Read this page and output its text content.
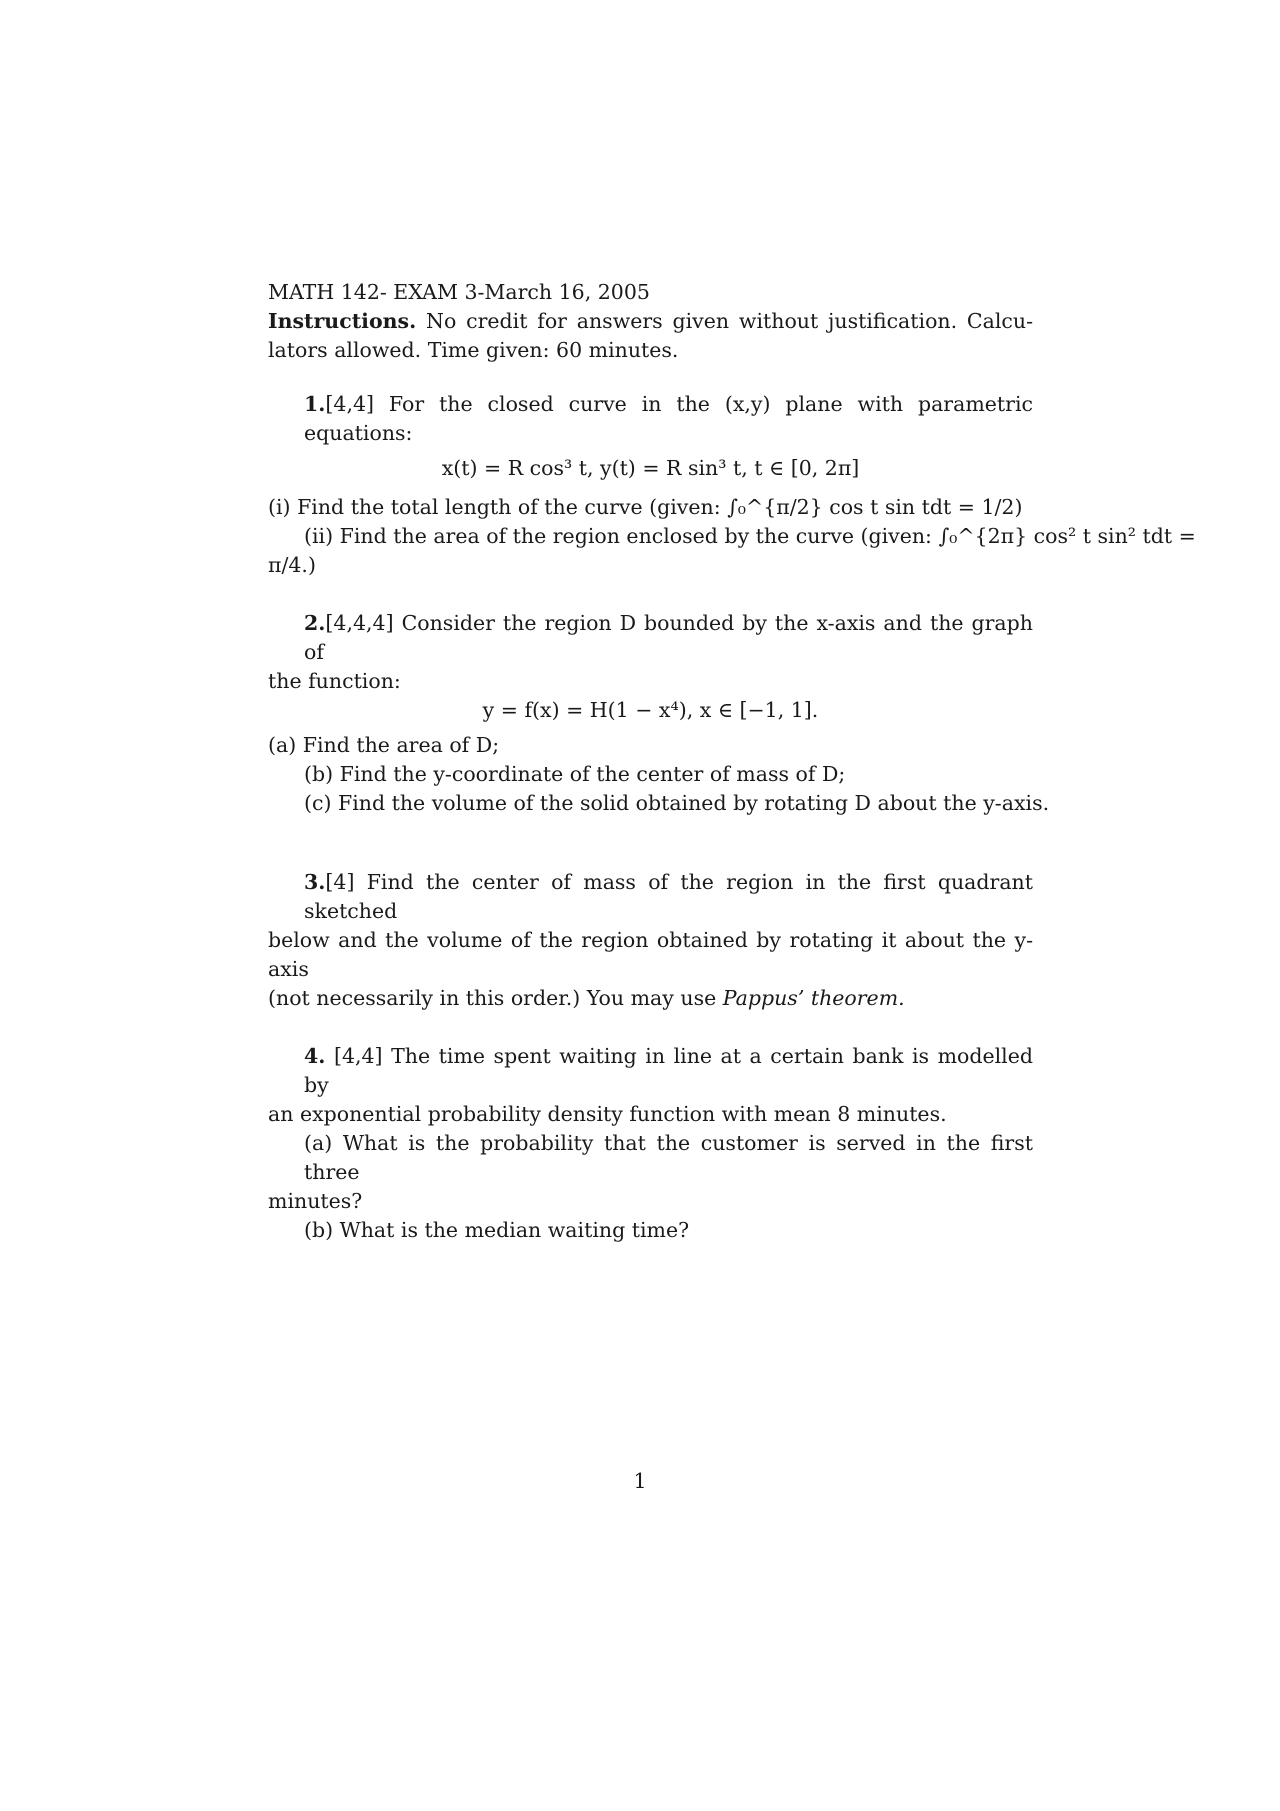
MATH 142- EXAM 3-March 16, 2005
Instructions. No credit for answers given without justification. Calcu-
lators allowed. Time given: 60 minutes.
1.[4,4] For the closed curve in the (x,y) plane with parametric equations:
x(t) = R cos³ t, y(t) = R sin³ t, t ∈ [0, 2π]
(i) Find the total length of the curve (given: ∫₀^{π/2} cos t sin tdt = 1/2)
(ii) Find the area of the region enclosed by the curve (given: ∫₀^{2π} cos² t sin² tdt =
π/4.)
2.[4,4,4] Consider the region D bounded by the x-axis and the graph of
the function:
y = f(x) = H(1 − x⁴), x ∈ [−1, 1].
(a) Find the area of D;
(b) Find the y-coordinate of the center of mass of D;
(c) Find the volume of the solid obtained by rotating D about the y-axis.
3.[4] Find the center of mass of the region in the first quadrant sketched
below and the volume of the region obtained by rotating it about the y-axis
(not necessarily in this order.) You may use Pappus’ theorem.
4. [4,4] The time spent waiting in line at a certain bank is modelled by
an exponential probability density function with mean 8 minutes.
(a) What is the probability that the customer is served in the first three
minutes?
(b) What is the median waiting time?
1
